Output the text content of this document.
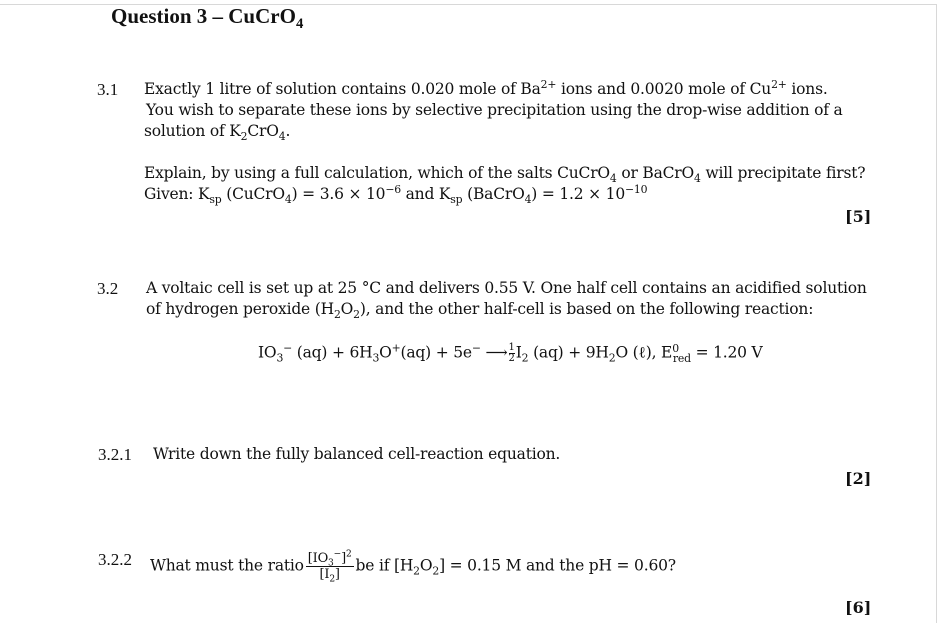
Question 3 – CuCrO$_4$
3.1 Exactly 1 litre of solution contains 0.020 mole of $Ba^{2+}$ ions and 0.0020 mole of $Cu^{2+}$ ions.
You wish to separate these ions by selective precipitation using the drop-wise addition of a
solution of $K_2CrO_4$.
Explain, by using a full calculation, which of the salts CuCrO$_4$ or BaCrO$_4$ will precipitate first?
Given: $K_{sp}$ (CuCrO$_4$) = $3.6 \times 10^{-6}$ and $K_{sp}$ (BaCrO$_4$) = $1.2 \times 10^{-10}$
[5]
3.2 A voltaic cell is set up at 25 °C and delivers 0.55 V. One half cell contains an acidified solution
of hydrogen peroxide $(H_2O_2)$, and the other half-cell is based on the following reaction:
$IO_3^-$ $(aq) + 6H_3O^+(aq) + 5e^-$ ⟶ $\frac{1}{2} I_2$ $(aq) + 9H_2O$ (ℓ), $E^0_{red} = 1.20$ V
3.2.1 Write down the fully balanced cell-reaction equation.
[2]
3.2.2 What must the ratio $\frac{[IO_3^-]^2}{[I_2]}$ be if $[H_2O_2] = 0.15$ M and the pH = 0.60?
[6]
